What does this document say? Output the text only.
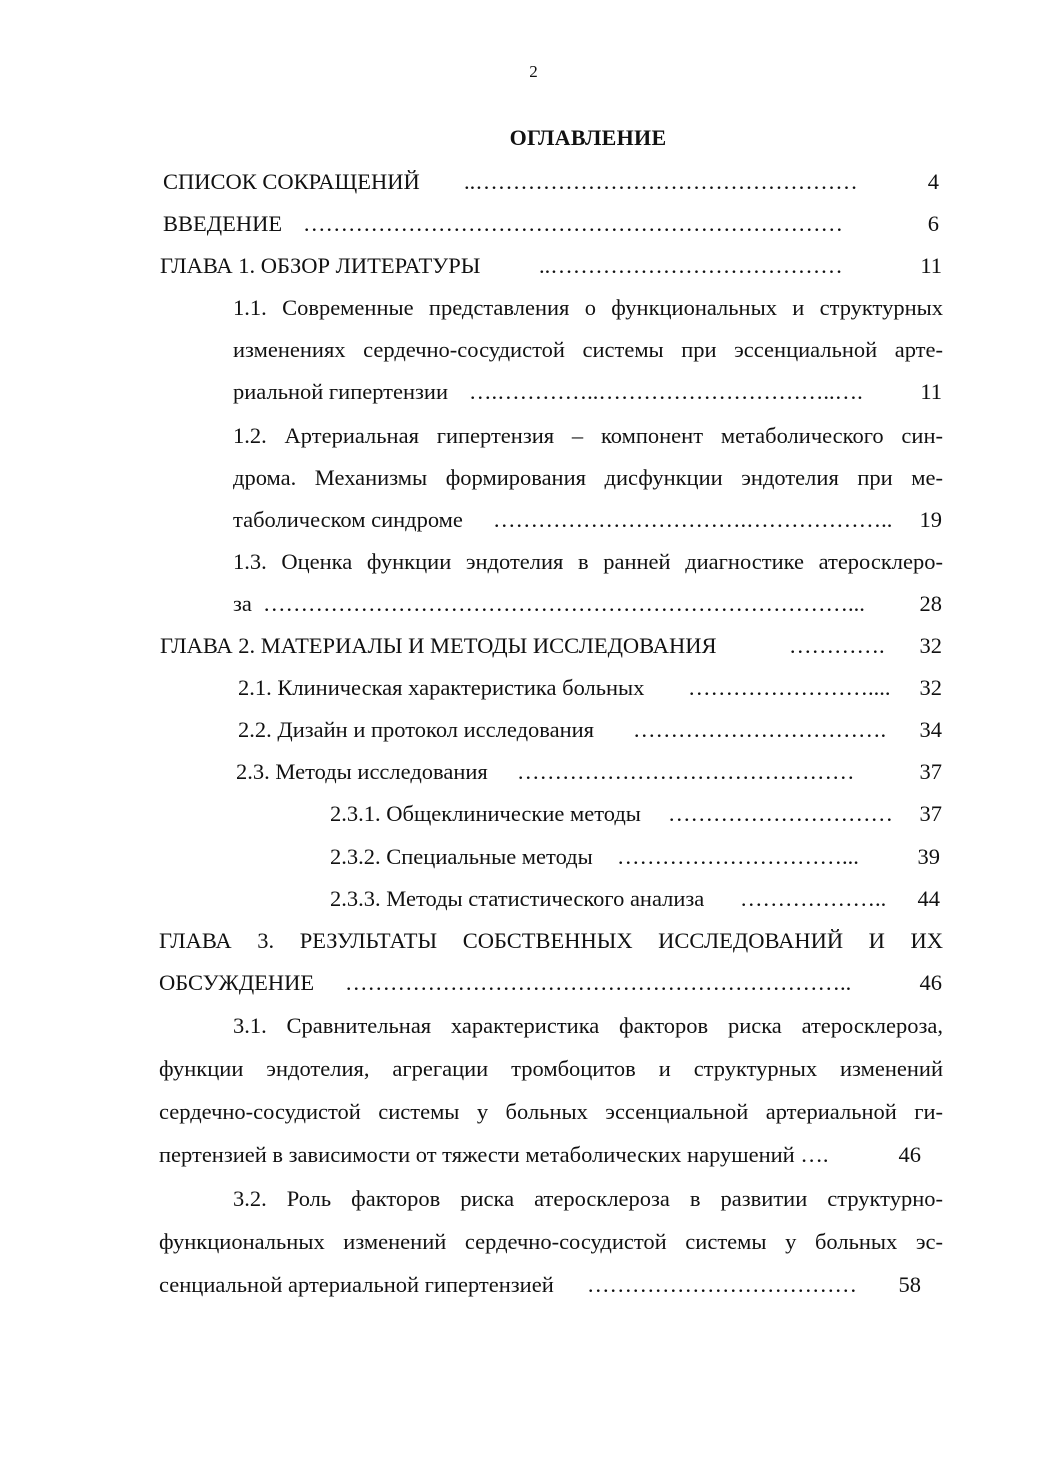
2
ОГЛАВЛЕНИЕ
СПИСОК СОКРАЩЕНИЙ ..……………………………………………	4
ВВЕДЕНИЕ ………………………………………………………………	6
ГЛАВА 1. ОБЗОР ЛИТЕРАТУРЫ	..…………………………………	11
1.1. Современные представления о функциональных и структурных
изменениях сердечно-сосудистой системы при эссенциальной арте-
риальной гипертензии ….…………..…………………………..….	11
1.2. Артериальная гипертензия – компонент метаболического син-
дрома. Механизмы формирования дисфункции эндотелия при ме-
таболическом синдроме …………………………….……………….. 19
1.3. Оценка функции эндотелия в ранней диагностике атеросклеро-
за ……………………………………………………………………... 28
ГЛАВА 2. МАТЕРИАЛЫ И МЕТОДЫ ИССЛЕДОВАНИЯ	…………. 32
2.1. Клиническая характеристика больных …………………….... 32
2.2. Дизайн и протокол исследования ……………………………. 34
2.3. Методы исследования ………………………………………	37
2.3.1. Общеклинические методы ………………………… 37
2.3.2. Специальные методы …………………………...	39
2.3.3. Методы статистического анализа ……………….. 44
ГЛАВА 3. РЕЗУЛЬТАТЫ СОБСТВЕННЫХ ИССЛЕДОВАНИЙ И ИХ
ОБСУЖДЕНИЕ …………………………………………………………..	46
3.1. Сравнительная характеристика факторов риска атеросклероза,
функции эндотелия, агрегации тромбоцитов и структурных изменений
сердечно-сосудистой системы у больных эссенциальной артериальной ги-
пертензией в зависимости от тяжести метаболических нарушений ….	46
3.2. Роль факторов риска атеросклероза в развитии структурно-
функциональных изменений сердечно-сосудистой системы у больных эс-
сенциальной артериальной гипертензией ……………………………… 58
